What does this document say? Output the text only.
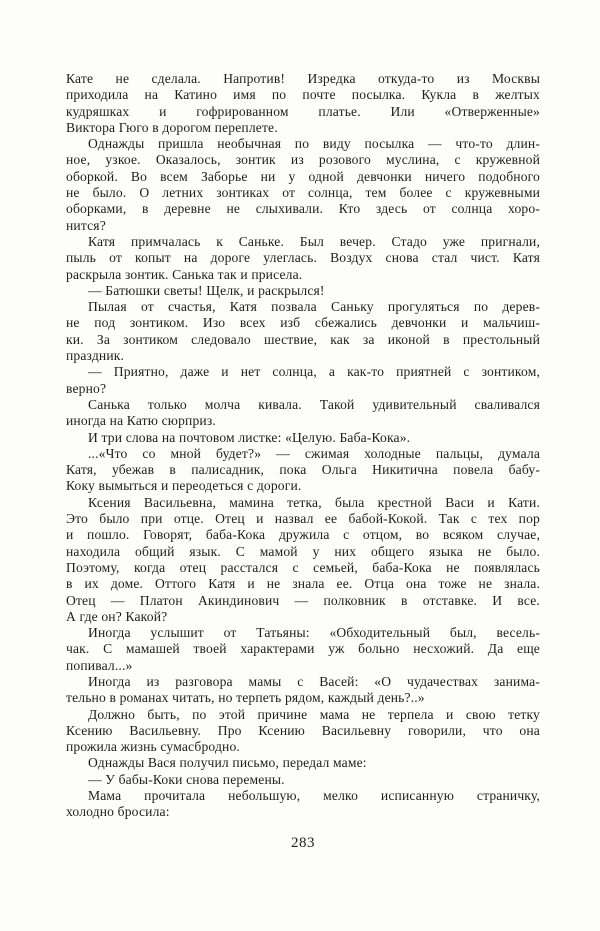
Кате не сделала. Напротив! Изредка откуда-то из Москвы
приходила на Катино имя по почте посылка. Кукла в желтых
кудряшках и гофрированном платье. Или «Отверженные»
Виктора Гюго в дорогом переплете.
Однажды пришла необычная по виду посылка — что-то длин-
ное, узкое. Оказалось, зонтик из розового муслина, с кружевной
оборкой. Во всем Заборье ни у одной девчонки ничего подобного
не было. О летних зонтиках от солнца, тем более с кружевными
оборками, в деревне не слыхивали. Кто здесь от солнца хоро-
нится?
Катя примчалась к Саньке. Был вечер. Стадо уже пригнали,
пыль от копыт на дороге улеглась. Воздух снова стал чист. Катя
раскрыла зонтик. Санька так и присела.
— Батюшки светы! Щелк, и раскрылся!
Пылая от счастья, Катя позвала Саньку прогуляться по дерев-
не под зонтиком. Изо всех изб сбежались девчонки и мальчиш-
ки. За зонтиком следовало шествие, как за иконой в престольный
праздник.
— Приятно, даже и нет солнца, а как-то приятней с зонтиком,
верно?
Санька только молча кивала. Такой удивительный сваливался
иногда на Катю сюрприз.
И три слова на почтовом листке: «Целую. Баба-Кока».
...«Что со мной будет?» — сжимая холодные пальцы, думала
Катя, убежав в палисадник, пока Ольга Никитична повела бабу-
Коку вымыться и переодеться с дороги.
Ксения Васильевна, мамина тетка, была крестной Васи и Кати.
Это было при отце. Отец и назвал ее бабой-Кокой. Так с тех пор
и пошло. Говорят, баба-Кока дружила с отцом, во всяком случае,
находила общий язык. С мамой у них общего языка не было.
Поэтому, когда отец расстался с семьей, баба-Кока не появлялась
в их доме. Оттого Катя и не знала ее. Отца она тоже не знала.
Отец — Платон Акиндинович — полковник в отставке. И все.
А где он? Какой?
Иногда услышит от Татьяны: «Обходительный был, весель-
чак. С мамашей твоей характерами уж больно несхожий. Да еще
попивал...»
Иногда из разговора мамы с Васей: «О чудачествах занима-
тельно в романах читать, но терпеть рядом, каждый день?..»
Должно быть, по этой причине мама не терпела и свою тетку
Ксению Васильевну. Про Ксению Васильевну говорили, что она
прожила жизнь сумасбродно.
Однажды Вася получил письмо, передал маме:
— У бабы-Коки снова перемены.
Мама прочитала небольшую, мелко исписанную страничку,
холодно бросила:
283
